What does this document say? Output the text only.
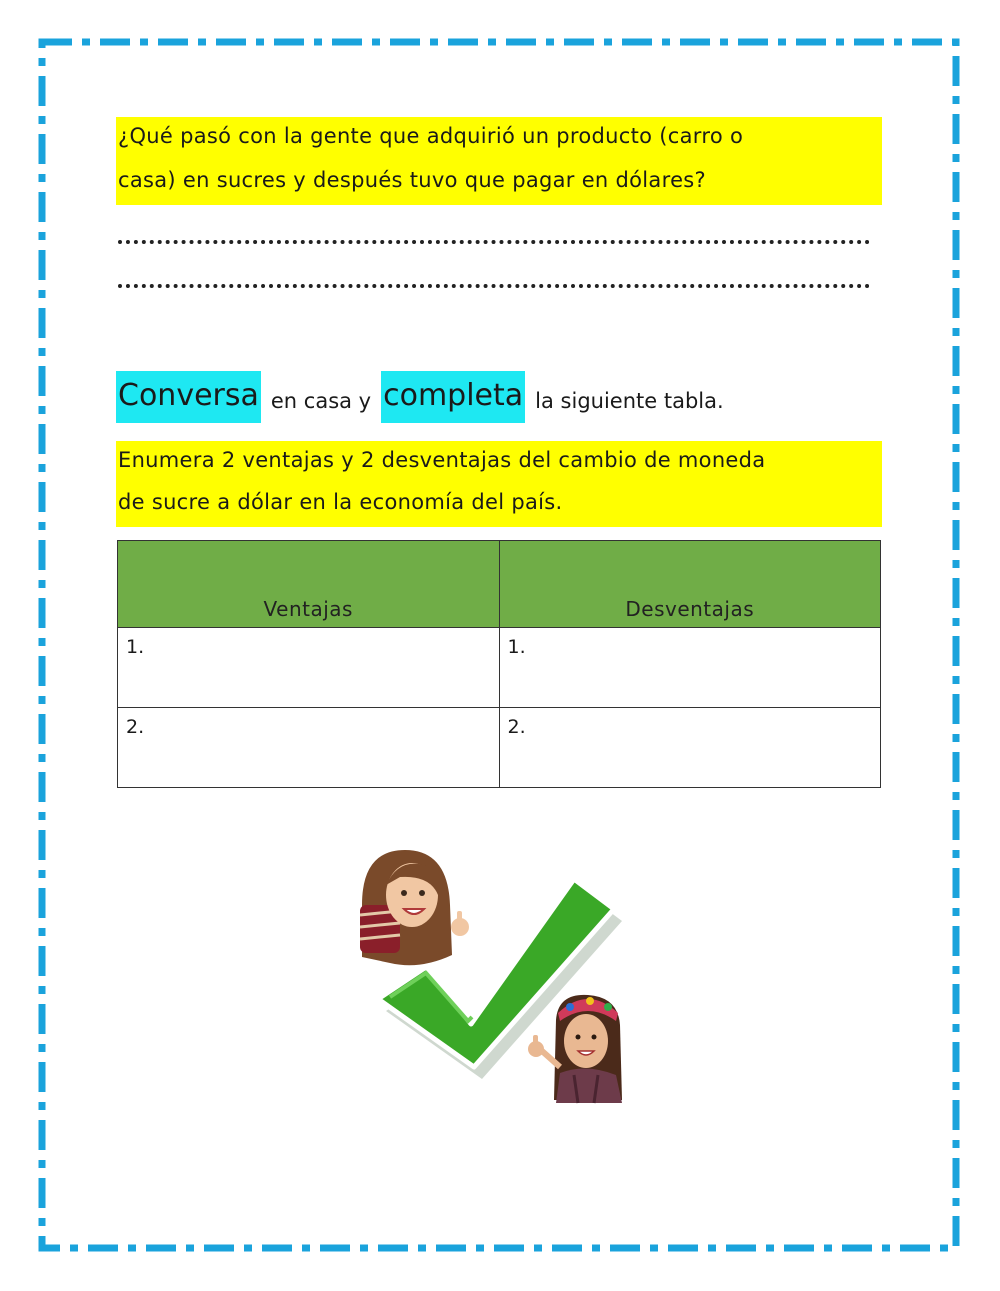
¿Qué pasó con la gente que adquirió un producto (carro o
casa) en sucres y después tuvo que pagar en dólares?
Conversa en casa y completa la siguiente tabla.
Enumera 2 ventajas y 2 desventajas del cambio de moneda
de sucre a dólar en la economía del país.
Ventajas	Desventajas
1.	1.
2.	2.
